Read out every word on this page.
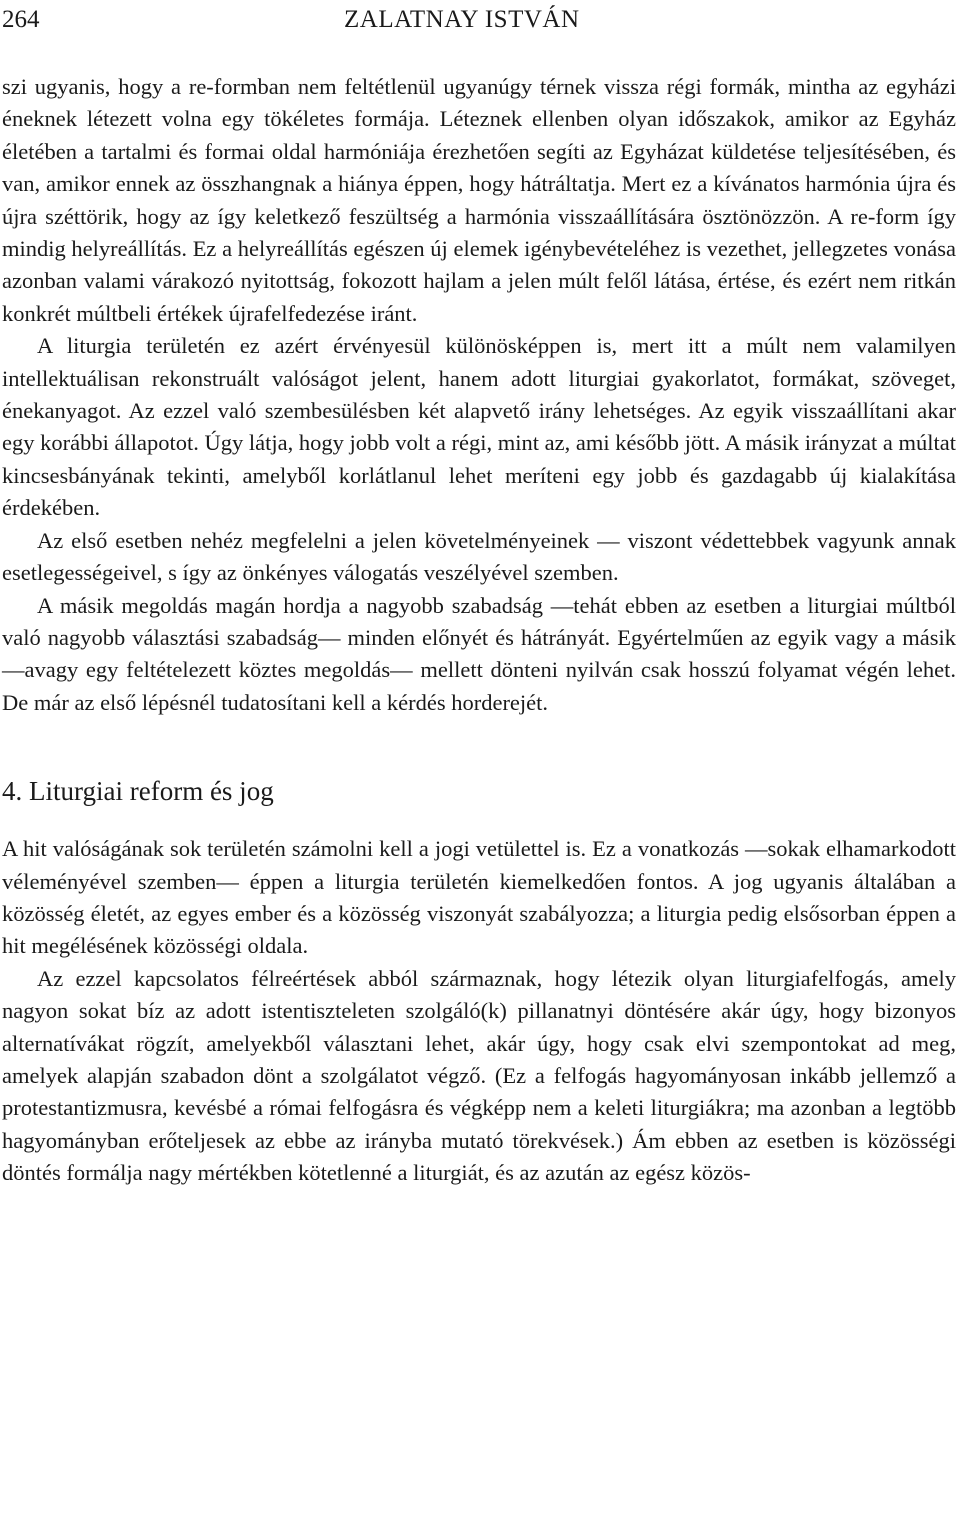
264	ZALATNAY ISTVÁN

szi ugyanis, hogy a re-formban nem feltétlenül ugyanúgy térnek vissza régi formák, mintha az egyházi éneknek létezett volna egy tökéletes formája. Léteznek ellenben olyan időszakok, amikor az Egyház életében a tartalmi és formai oldal harmóniája érezhetően segíti az Egyházat küldetése teljesítésében, és van, amikor ennek az összhangnak a hiánya éppen, hogy hátráltatja. Mert ez a kívánatos harmónia újra és újra széttörik, hogy az így keletkező feszültség a harmónia visszaállítására ösztönözzön. A re-form így mindig helyreállítás. Ez a helyreállítás egészen új elemek igénybevételéhez is vezethet, jellegzetes vonása azonban valami várakozó nyitottság, fokozott hajlam a jelen múlt felől látása, értése, és ezért nem ritkán konkrét múltbeli értékek újrafelfedezése iránt.

A liturgia területén ez azért érvényesül különösképpen is, mert itt a múlt nem valamilyen intellektuálisan rekonstruált valóságot jelent, hanem adott liturgiai gyakorlatot, formákat, szöveget, énekanyagot. Az ezzel való szembesülésben két alapvető irány lehetséges. Az egyik visszaállítani akar egy korábbi állapotot. Úgy látja, hogy jobb volt a régi, mint az, ami később jött. A másik irányzat a múltat kincsesbányának tekinti, amelyből korlátlanul lehet meríteni egy jobb és gazdagabb új kialakítása érdekében.

Az első esetben nehéz megfelelni a jelen követelményeinek — viszont védettebbek vagyunk annak esetlegességeivel, s így az önkényes válogatás veszélyével szemben.

A másik megoldás magán hordja a nagyobb szabadság —tehát ebben az esetben a liturgiai múltból való nagyobb választási szabadság— minden előnyét és hátrányát. Egyértelműen az egyik vagy a másik —avagy egy feltételezett köztes megoldás— mellett dönteni nyilván csak hosszú folyamat végén lehet. De már az első lépésnél tudatosítani kell a kérdés horderejét.

4. Liturgiai reform és jog

A hit valóságának sok területén számolni kell a jogi vetülettel is. Ez a vonatkozás —sokak elhamarkodott véleményével szemben— éppen a liturgia területén kiemelkedően fontos. A jog ugyanis általában a közösség életét, az egyes ember és a közösség viszonyát szabályozza; a liturgia pedig elsősorban éppen a hit megélésének közösségi oldala.

Az ezzel kapcsolatos félreértések abból származnak, hogy létezik olyan liturgiafelfogás, amely nagyon sokat bíz az adott istentiszteleten szolgáló(k) pillanatnyi döntésére akár úgy, hogy bizonyos alternatívákat rögzít, amelyekből választani lehet, akár úgy, hogy csak elvi szempontokat ad meg, amelyek alapján szabadon dönt a szolgálatot végző. (Ez a felfogás hagyományosan inkább jellemző a protestantizmusra, kevésbé a római felfogásra és végképp nem a keleti liturgiákra; ma azonban a legtöbb hagyományban erőteljesek az ebbe az irányba mutató törekvések.) Ám ebben az esetben is közösségi döntés formálja nagy mértékben kötetlenné a liturgiát, és az azután az egész közös-
